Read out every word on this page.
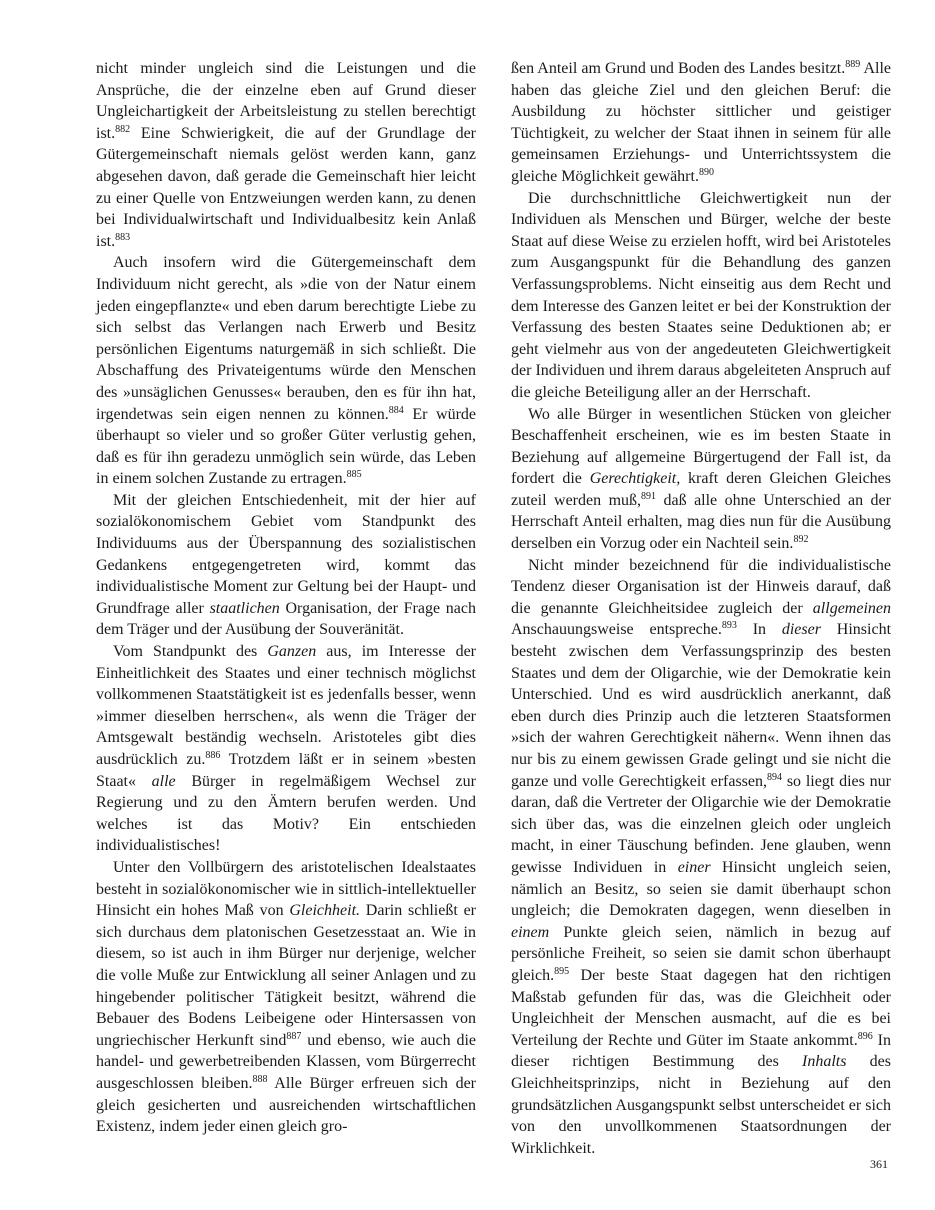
nicht minder ungleich sind die Leistungen und die Ansprüche, die der einzelne eben auf Grund dieser Ungleichartigkeit der Arbeitsleistung zu stellen berechtigt ist.$^{882}$ Eine Schwierigkeit, die auf der Grundlage der Gütergemeinschaft niemals gelöst werden kann, ganz abgesehen davon, daß gerade die Gemeinschaft hier leicht zu einer Quelle von Entzweiungen werden kann, zu denen bei Individualwirtschaft und Individualbesitz kein Anlaß ist.$^{883}$

Auch insofern wird die Gütergemeinschaft dem Individuum nicht gerecht, als »die von der Natur einem jeden eingepflanzte« und eben darum berechtigte Liebe zu sich selbst das Verlangen nach Erwerb und Besitz persönlichen Eigentums naturgemäß in sich schließt. Die Abschaffung des Privateigentums würde den Menschen des »unsäglichen Genusses« berauben, den es für ihn hat, irgendetwas sein eigen nennen zu können.$^{884}$ Er würde überhaupt so vieler und so großer Güter verlustig gehen, daß es für ihn geradezu unmöglich sein würde, das Leben in einem solchen Zustande zu ertragen.$^{885}$

Mit der gleichen Entschiedenheit, mit der hier auf sozialökonomischem Gebiet vom Standpunkt des Individuums aus der Überspannung des sozialistischen Gedankens entgegengetreten wird, kommt das individualistische Moment zur Geltung bei der Haupt- und Grundfrage aller staatlichen Organisation, der Frage nach dem Träger und der Ausübung der Souveränität.

Vom Standpunkt des Ganzen aus, im Interesse der Einheitlichkeit des Staates und einer technisch möglichst vollkommenen Staatstätigkeit ist es jedenfalls besser, wenn »immer dieselben herrschen«, als wenn die Träger der Amtsgewalt beständig wechseln. Aristoteles gibt dies ausdrücklich zu.$^{886}$ Trotzdem läßt er in seinem »besten Staat« alle Bürger in regelmäßigem Wechsel zur Regierung und zu den Ämtern berufen werden. Und welches ist das Motiv? Ein entschieden individualistisches!

Unter den Vollbürgern des aristotelischen Idealstaates besteht in sozialökonomischer wie in sittlich-intellektueller Hinsicht ein hohes Maß von Gleichheit. Darin schließt er sich durchaus dem platonischen Gesetzesstaat an. Wie in diesem, so ist auch in ihm Bürger nur derjenige, welcher die volle Muße zur Entwicklung all seiner Anlagen und zu hingebender politischer Tätigkeit besitzt, während die Bebauer des Bodens Leibeigene oder Hintersassen von ungriechischer Herkunft sind$^{887}$ und ebenso, wie auch die handel- und gewerbetreibenden Klassen, vom Bürgerrecht ausgeschlossen bleiben.$^{888}$ Alle Bürger erfreuen sich der gleich gesicherten und ausreichenden wirtschaftlichen Existenz, indem jeder einen gleich gro-

ßen Anteil am Grund und Boden des Landes besitzt.$^{889}$ Alle haben das gleiche Ziel und den gleichen Beruf: die Ausbildung zu höchster sittlicher und geistiger Tüchtigkeit, zu welcher der Staat ihnen in seinem für alle gemeinsamen Erziehungs- und Unterrichtssystem die gleiche Möglichkeit gewährt.$^{890}$

Die durchschnittliche Gleichwertigkeit nun der Individuen als Menschen und Bürger, welche der beste Staat auf diese Weise zu erzielen hofft, wird bei Aristoteles zum Ausgangspunkt für die Behandlung des ganzen Verfassungsproblems. Nicht einseitig aus dem Recht und dem Interesse des Ganzen leitet er bei der Konstruktion der Verfassung des besten Staates seine Deduktionen ab; er geht vielmehr aus von der angedeuteten Gleichwertigkeit der Individuen und ihrem daraus abgeleiteten Anspruch auf die gleiche Beteiligung aller an der Herrschaft.

Wo alle Bürger in wesentlichen Stücken von gleicher Beschaffenheit erscheinen, wie es im besten Staate in Beziehung auf allgemeine Bürgertugend der Fall ist, da fordert die Gerechtigkeit, kraft deren Gleichen Gleiches zuteil werden muß,$^{891}$ daß alle ohne Unterschied an der Herrschaft Anteil erhalten, mag dies nun für die Ausübung derselben ein Vorzug oder ein Nachteil sein.$^{892}$

Nicht minder bezeichnend für die individualistische Tendenz dieser Organisation ist der Hinweis darauf, daß die genannte Gleichheitsidee zugleich der allgemeinen Anschauungsweise entspreche.$^{893}$ In dieser Hinsicht besteht zwischen dem Verfassungsprinzip des besten Staates und dem der Oligarchie, wie der Demokratie kein Unterschied. Und es wird ausdrücklich anerkannt, daß eben durch dies Prinzip auch die letzteren Staatsformen »sich der wahren Gerechtigkeit nähern«. Wenn ihnen das nur bis zu einem gewissen Grade gelingt und sie nicht die ganze und volle Gerechtigkeit erfassen,$^{894}$ so liegt dies nur daran, daß die Vertreter der Oligarchie wie der Demokratie sich über das, was die einzelnen gleich oder ungleich macht, in einer Täuschung befinden. Jene glauben, wenn gewisse Individuen in einer Hinsicht ungleich seien, nämlich an Besitz, so seien sie damit überhaupt schon ungleich; die Demokraten dagegen, wenn dieselben in einem Punkte gleich seien, nämlich in bezug auf persönliche Freiheit, so seien sie damit schon überhaupt gleich.$^{895}$ Der beste Staat dagegen hat den richtigen Maßstab gefunden für das, was die Gleichheit oder Ungleichheit der Menschen ausmacht, auf die es bei Verteilung der Rechte und Güter im Staate ankommt.$^{896}$ In dieser richtigen Bestimmung des Inhalts des Gleichheitsprinzips, nicht in Beziehung auf den grundsätzlichen Ausgangspunkt selbst unterscheidet er sich von den unvollkommenen Staatsordnungen der Wirklichkeit.

361
